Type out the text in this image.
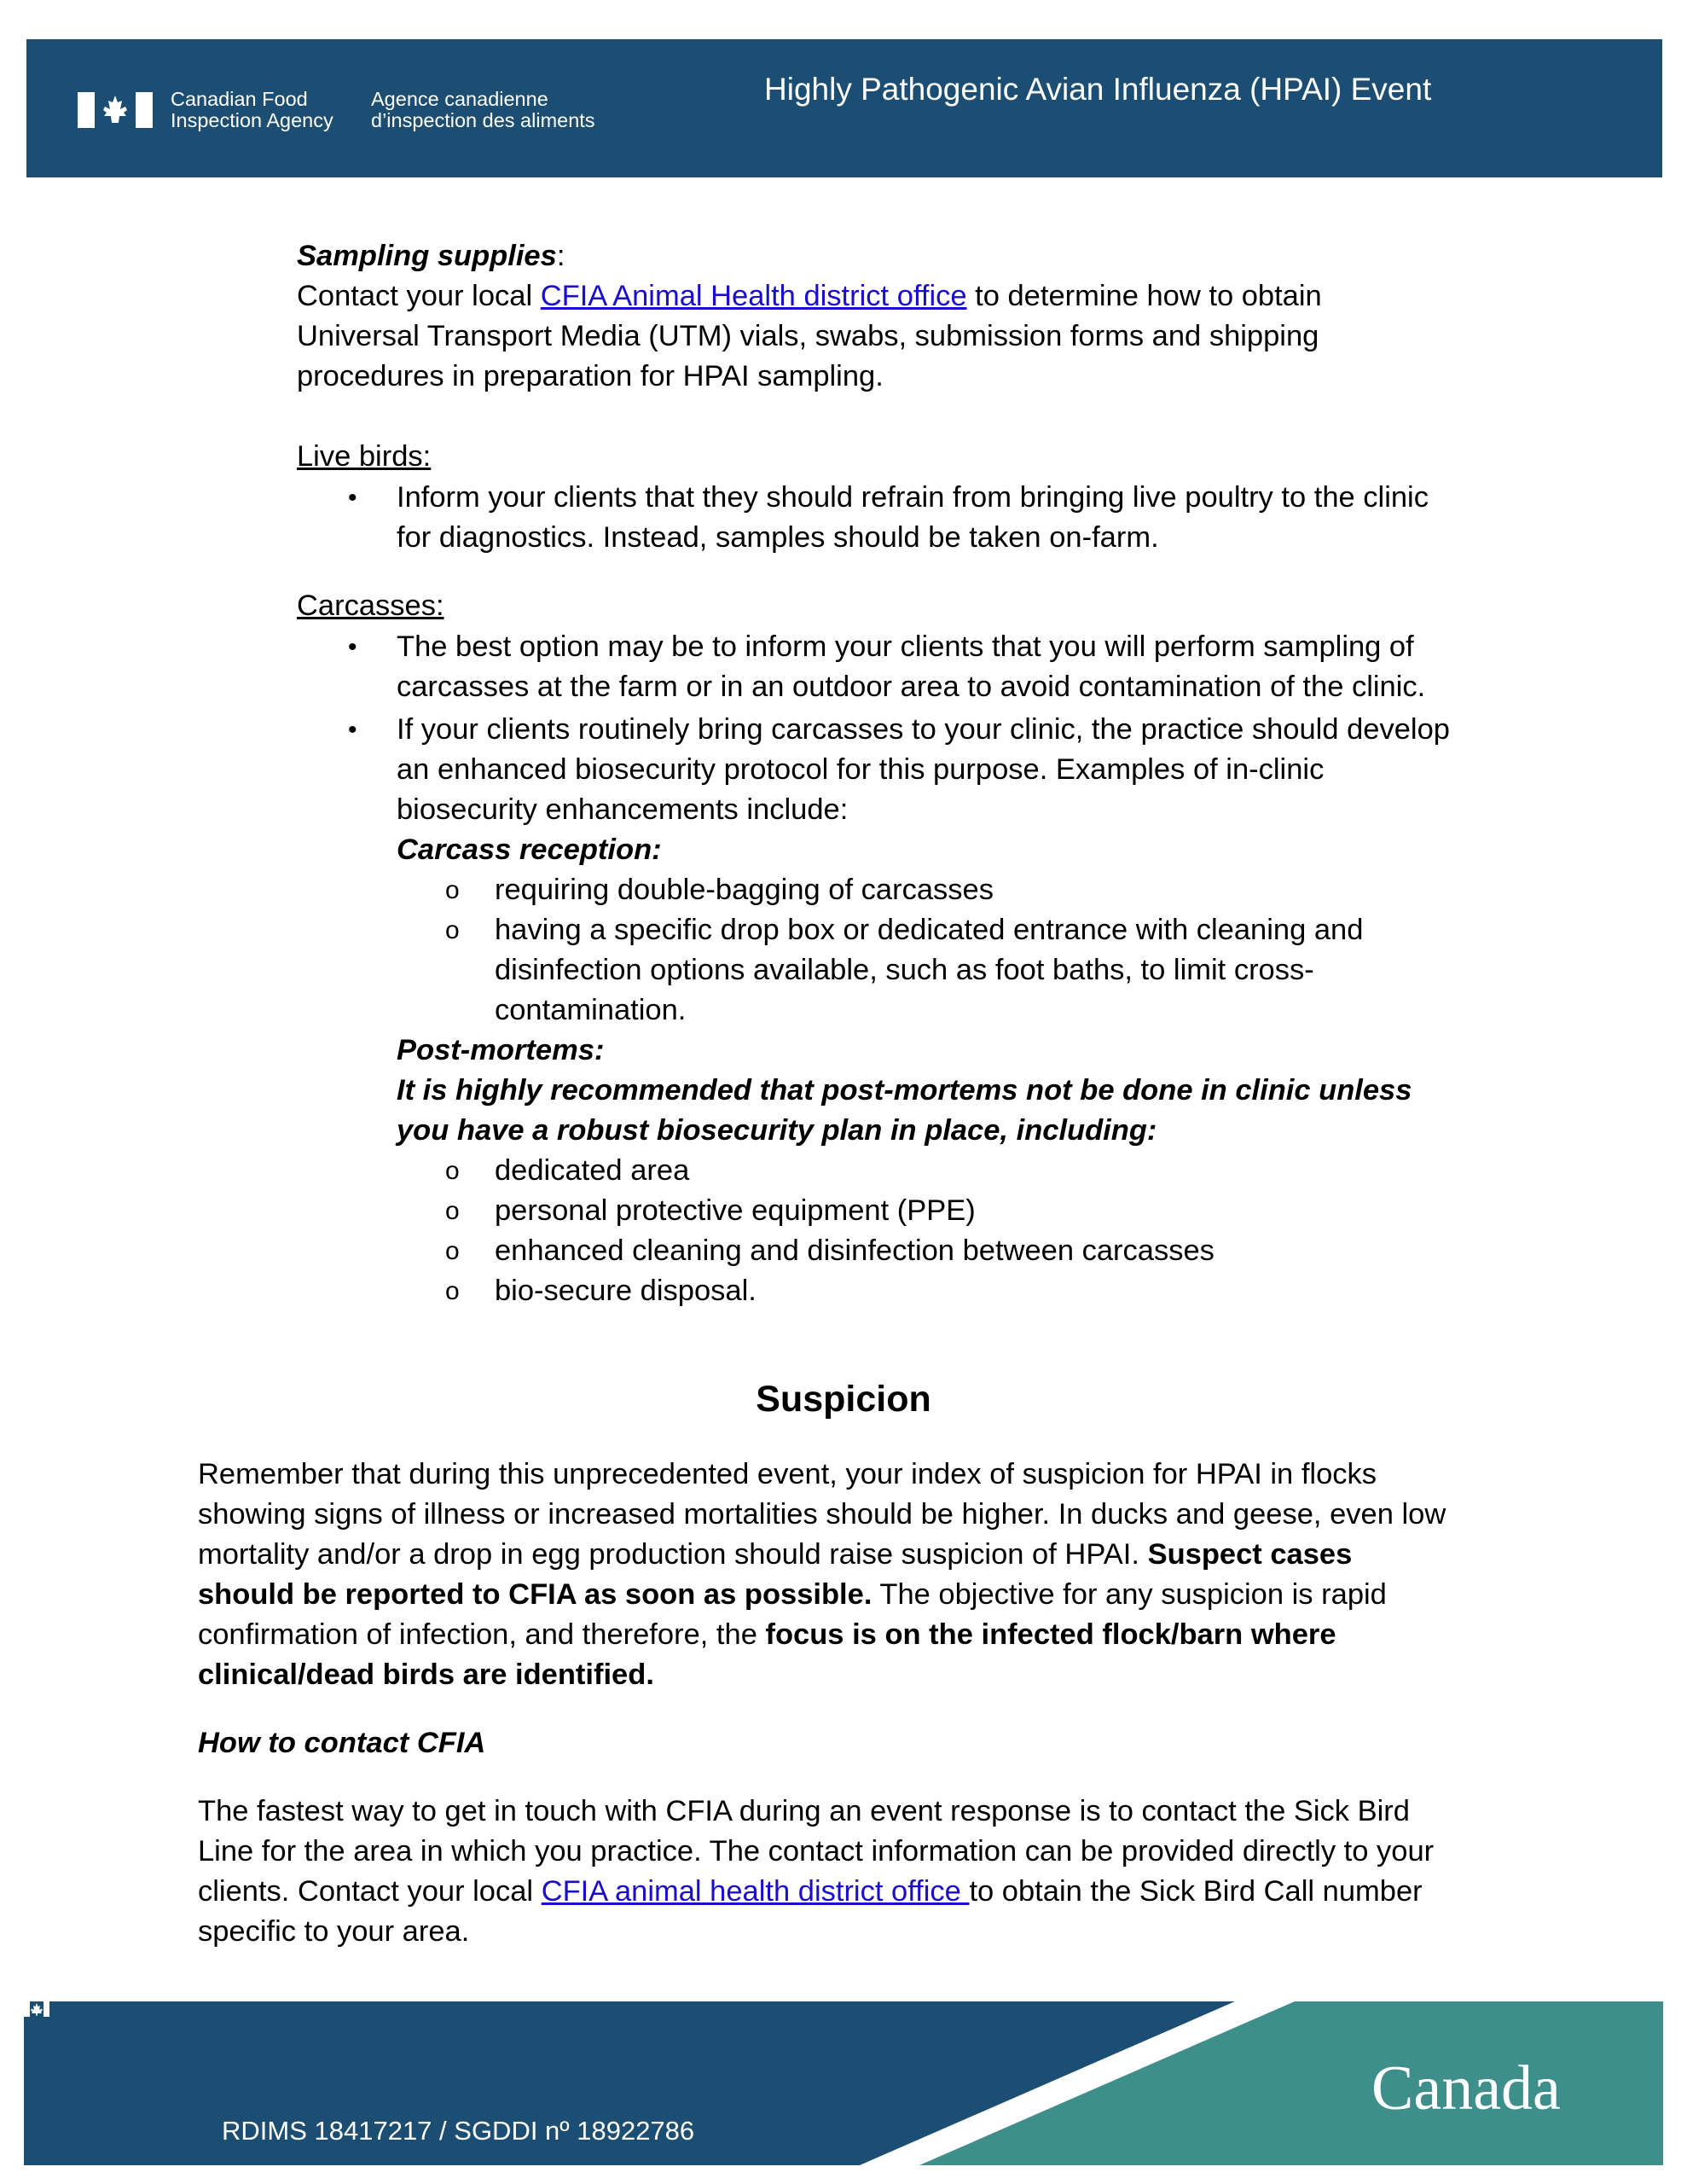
Canadian Food
Inspection Agency
Agence canadienne
d’inspection des aliments
Highly Pathogenic Avian Influenza (HPAI) Event
Sampling supplies:
Contact your local CFIA Animal Health district office to determine how to obtain
Universal Transport Media (UTM) vials, swabs, submission forms and shipping
procedures in preparation for HPAI sampling.
Live birds:
• Inform your clients that they should refrain from bringing live poultry to the clinic
for diagnostics. Instead, samples should be taken on-farm.
Carcasses:
• The best option may be to inform your clients that you will perform sampling of
carcasses at the farm or in an outdoor area to avoid contamination of the clinic.
• If your clients routinely bring carcasses to your clinic, the practice should develop
an enhanced biosecurity protocol for this purpose. Examples of in-clinic
biosecurity enhancements include:
Carcass reception:
o requiring double-bagging of carcasses
o having a specific drop box or dedicated entrance with cleaning and
disinfection options available, such as foot baths, to limit cross-
contamination.
Post-mortems:
It is highly recommended that post-mortems not be done in clinic unless
you have a robust biosecurity plan in place, including:
o dedicated area
o personal protective equipment (PPE)
o enhanced cleaning and disinfection between carcasses
o bio-secure disposal.
Suspicion
Remember that during this unprecedented event, your index of suspicion for HPAI in flocks
showing signs of illness or increased mortalities should be higher. In ducks and geese, even low
mortality and/or a drop in egg production should raise suspicion of HPAI. Suspect cases
should be reported to CFIA as soon as possible. The objective for any suspicion is rapid
confirmation of infection, and therefore, the focus is on the infected flock/barn where
clinical/dead birds are identified.
How to contact CFIA
The fastest way to get in touch with CFIA during an event response is to contact the Sick Bird
Line for the area in which you practice. The contact information can be provided directly to your
clients. Contact your local CFIA animal health district office to obtain the Sick Bird Call number
specific to your area.
RDIMS 18417217 / SGDDI nº 18922786
Canada
